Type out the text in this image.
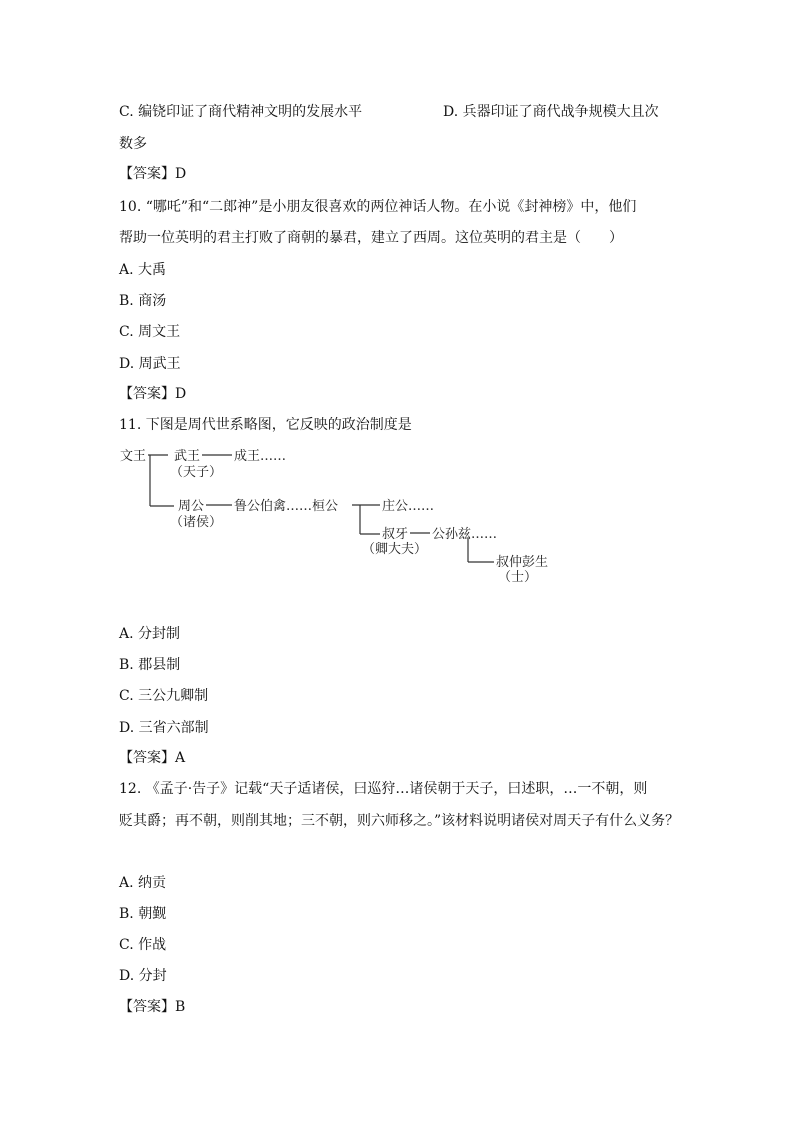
C. 编铙印证了商代精神文明的发展水平	D. 兵器印证了商代战争规模大且次
数多
【答案】D
10. “哪吒”和“二郎神”是小朋友很喜欢的两位神话人物。在小说《封神榜》中，他们
帮助一位英明的君主打败了商朝的暴君，建立了西周。这位英明的君主是（　　）
A. 大禹
B. 商汤
C. 周文王
D. 周武王
【答案】D
11. 下图是周代世系略图，它反映的政治制度是
文王 武王
（天子）
成王……
周公
（诸侯）
鲁公伯禽……桓公	庄公……
叔牙
（卿大夫）
公孙兹……
叔仲彭生
（士）
A. 分封制
B. 郡县制
C. 三公九卿制
D. 三省六部制
【答案】A
12. 《孟子·告子》记载“天子适诸侯，曰巡狩…诸侯朝于天子，曰述职，…一不朝，则
贬其爵；再不朝，则削其地；三不朝，则六师移之。”该材料说明诸侯对周天子有什么义务？
A. 纳贡
B. 朝觐
C. 作战
D. 分封
【答案】B
